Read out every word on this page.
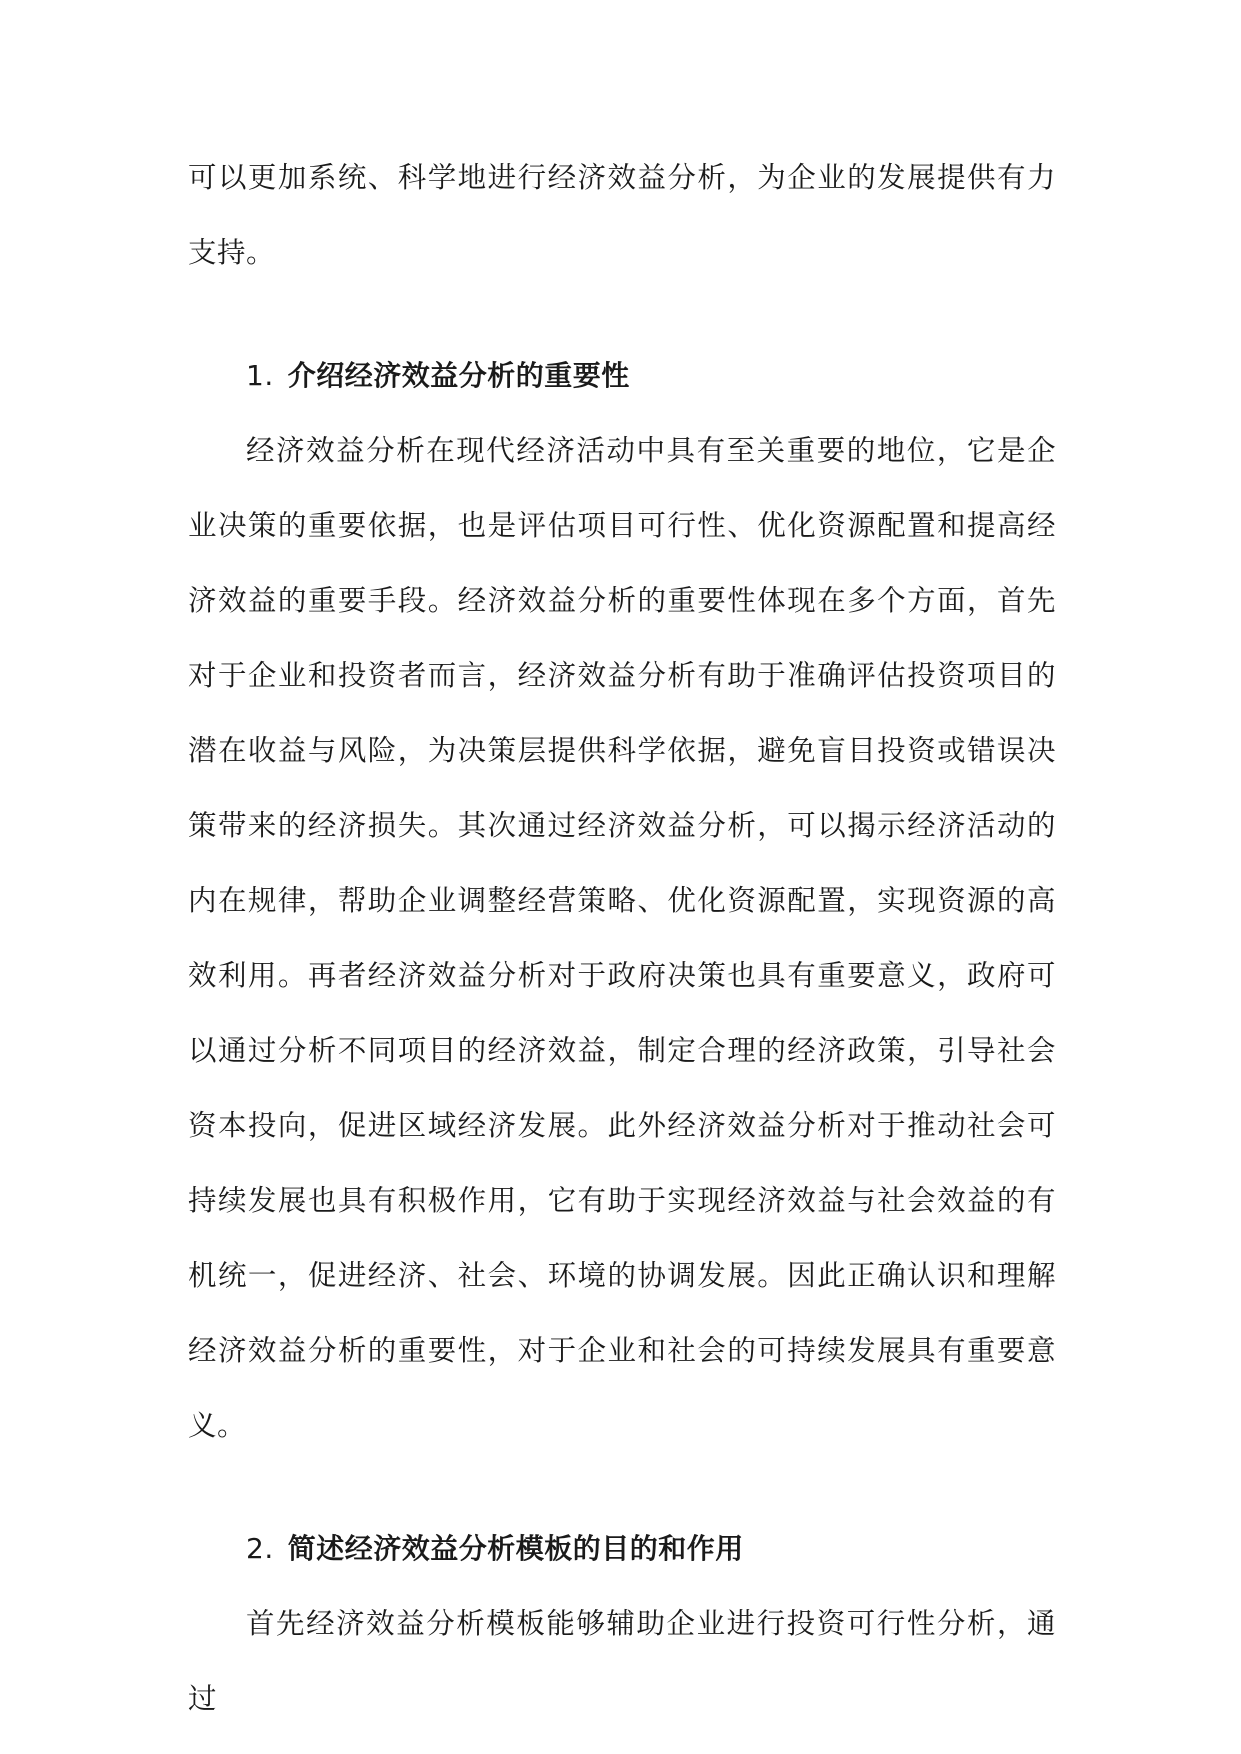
可以更加系统、科学地进行经济效益分析，为企业的发展提供有力支持。

1. 介绍经济效益分析的重要性

经济效益分析在现代经济活动中具有至关重要的地位，它是企业决策的重要依据，也是评估项目可行性、优化资源配置和提高经济效益的重要手段。经济效益分析的重要性体现在多个方面，首先对于企业和投资者而言，经济效益分析有助于准确评估投资项目的潜在收益与风险，为决策层提供科学依据，避免盲目投资或错误决策带来的经济损失。其次通过经济效益分析，可以揭示经济活动的内在规律，帮助企业调整经营策略、优化资源配置，实现资源的高效利用。再者经济效益分析对于政府决策也具有重要意义，政府可以通过分析不同项目的经济效益，制定合理的经济政策，引导社会资本投向，促进区域经济发展。此外经济效益分析对于推动社会可持续发展也具有积极作用，它有助于实现经济效益与社会效益的有机统一，促进经济、社会、环境的协调发展。因此正确认识和理解经济效益分析的重要性，对于企业和社会的可持续发展具有重要意义。

2. 简述经济效益分析模板的目的和作用

首先经济效益分析模板能够辅助企业进行投资可行性分析，通过
